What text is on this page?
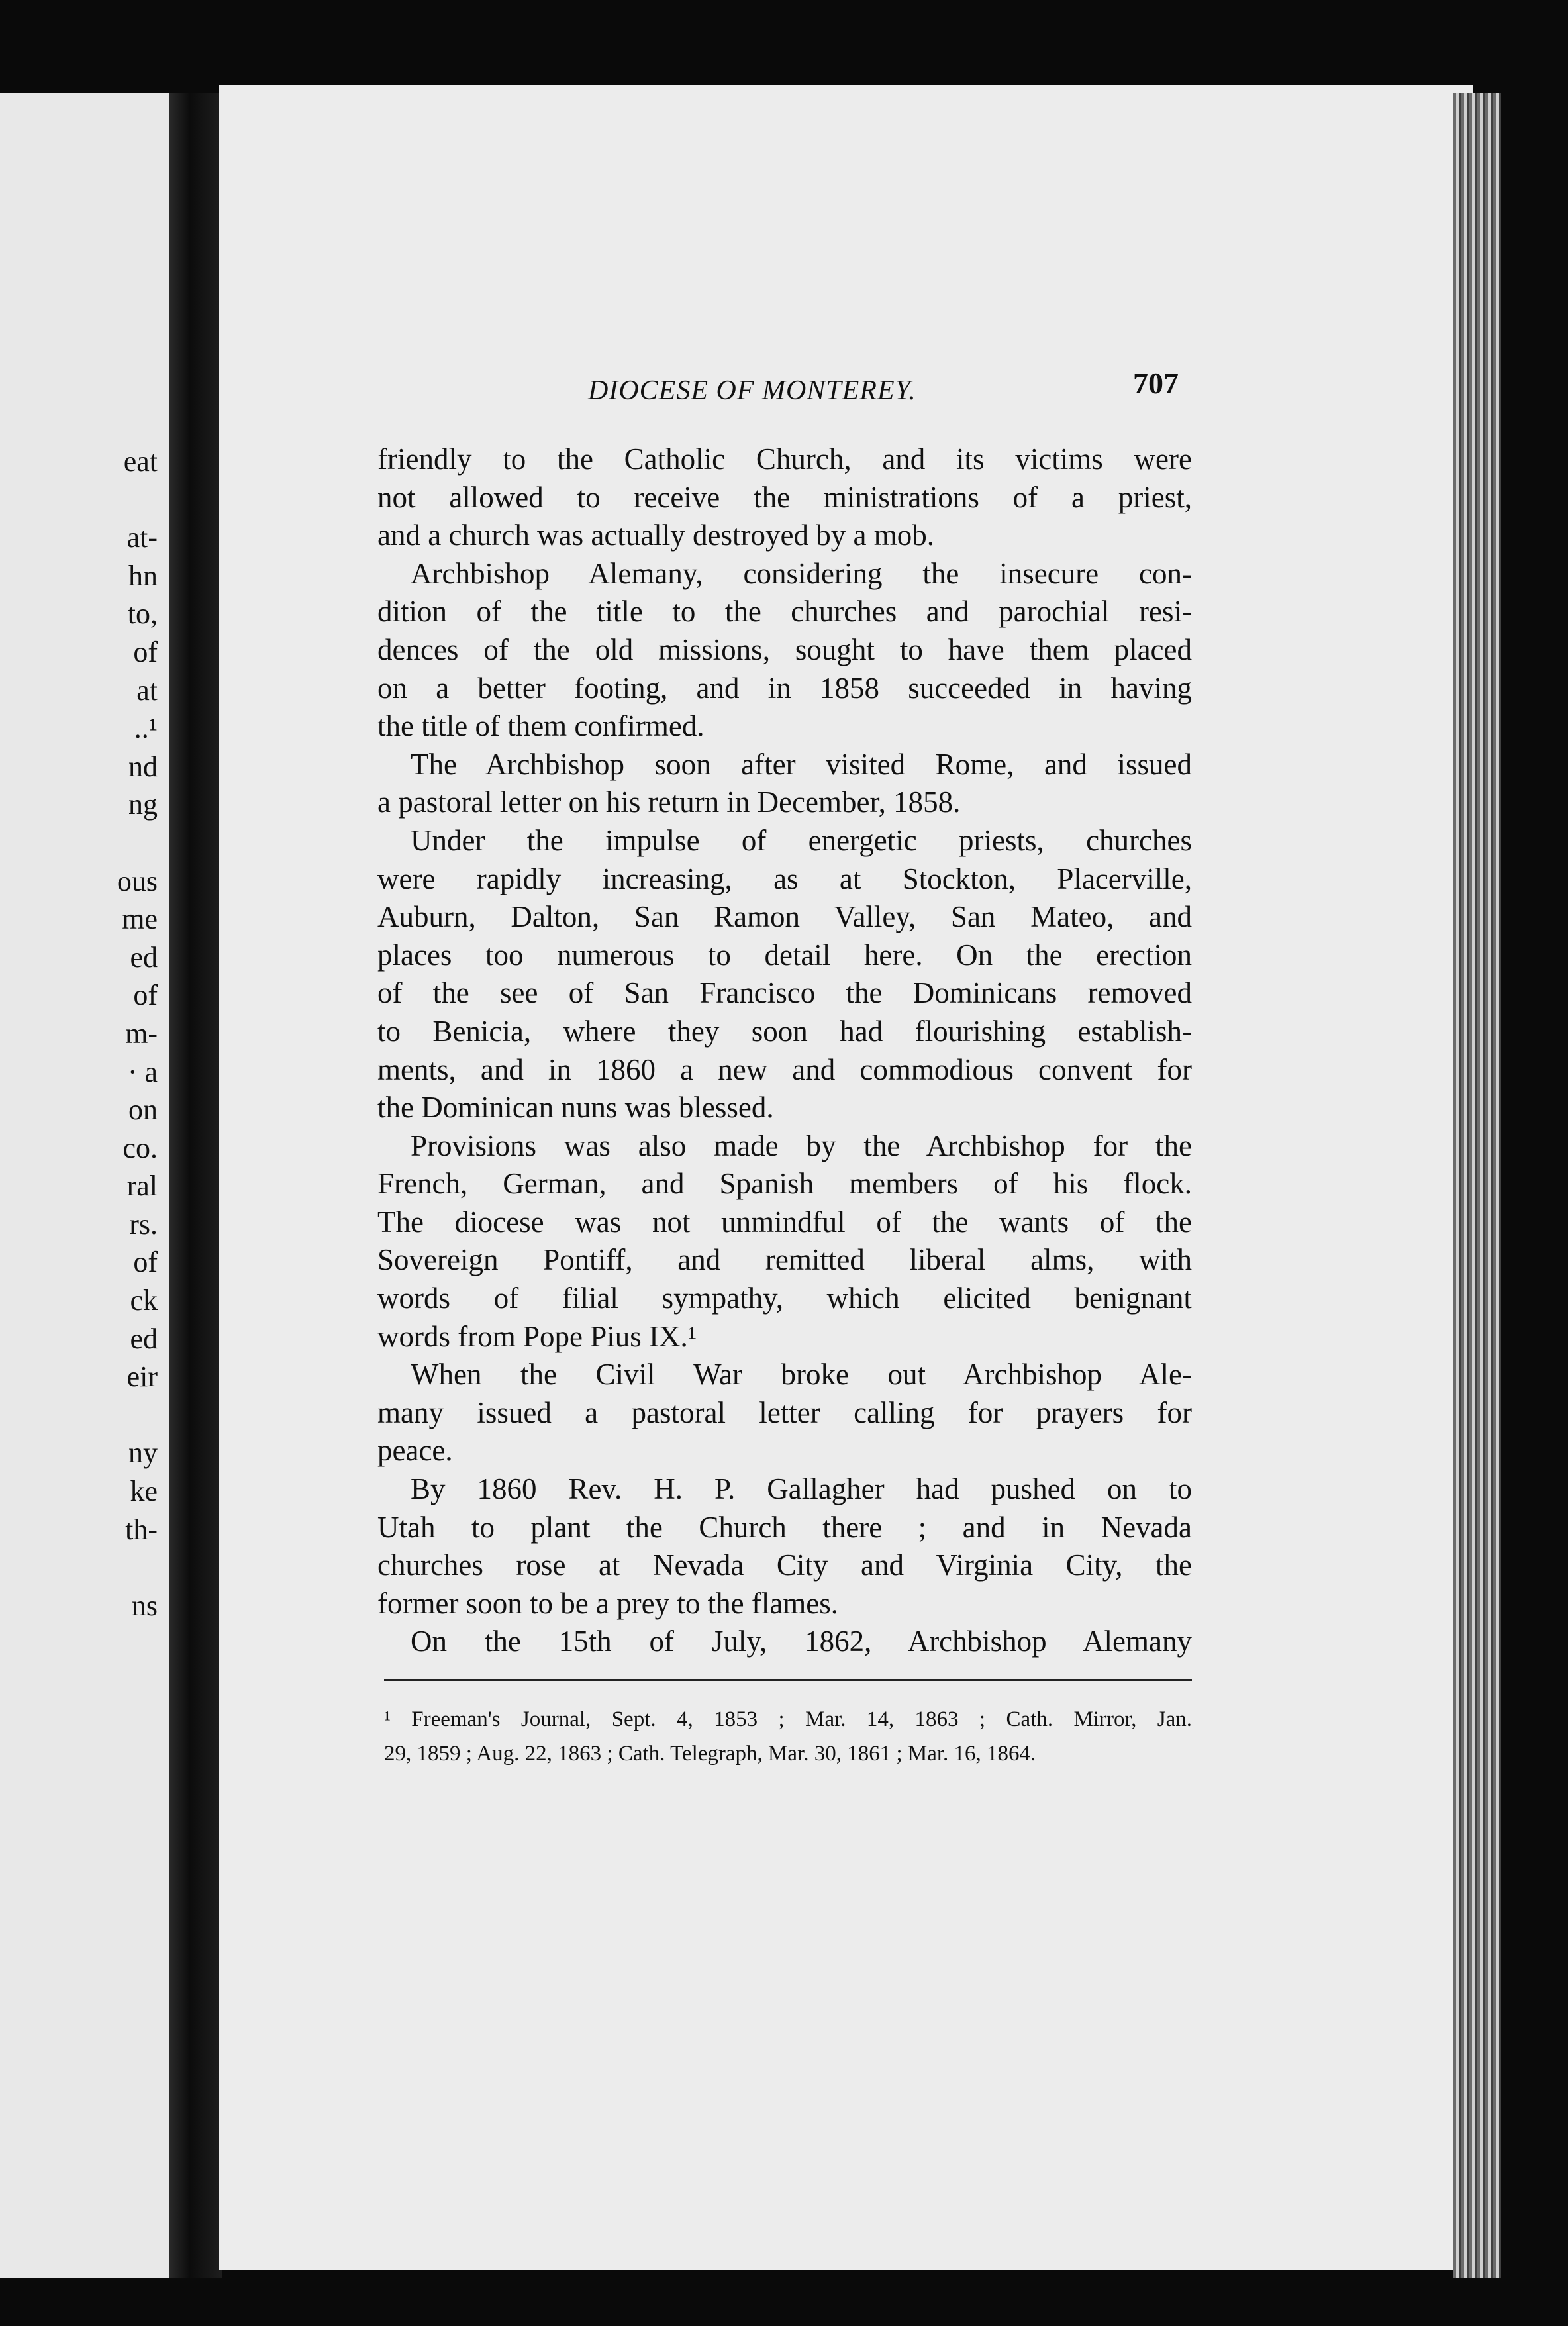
eat
at-
hn
to,
of
at
..¹
nd
ng
ous
me
ed
of
m-
· a
on
co.
ral
rs.
of
ck
ed
eir
ny
ke
th-
ns
DIOCESE OF MONTEREY.	707

friendly to the Catholic Church, and its victims were
not allowed to receive the ministrations of a priest,
and a church was actually destroyed by a mob.

Archbishop Alemany, considering the insecure con-
dition of the title to the churches and parochial resi-
dences of the old missions, sought to have them placed
on a better footing, and in 1858 succeeded in having
the title of them confirmed.

The Archbishop soon after visited Rome, and issued
a pastoral letter on his return in December, 1858.

Under the impulse of energetic priests, churches
were rapidly increasing, as at Stockton, Placerville,
Auburn, Dalton, San Ramon Valley, San Mateo, and
places too numerous to detail here. On the erection
of the see of San Francisco the Dominicans removed
to Benicia, where they soon had flourishing establish-
ments, and in 1860 a new and commodious convent for
the Dominican nuns was blessed.

Provisions was also made by the Archbishop for the
French, German, and Spanish members of his flock.
The diocese was not unmindful of the wants of the
Sovereign Pontiff, and remitted liberal alms, with
words of filial sympathy, which elicited benignant
words from Pope Pius IX.¹

When the Civil War broke out Archbishop Ale-
many issued a pastoral letter calling for prayers for
peace.

By 1860 Rev. H. P. Gallagher had pushed on to
Utah to plant the Church there ; and in Nevada
churches rose at Nevada City and Virginia City, the
former soon to be a prey to the flames.

On the 15th of July, 1862, Archbishop Alemany

¹ Freeman's Journal, Sept. 4, 1853 ; Mar. 14, 1863 ; Cath. Mirror, Jan.
29, 1859 ; Aug. 22, 1863 ; Cath. Telegraph, Mar. 30, 1861 ; Mar. 16, 1864.
